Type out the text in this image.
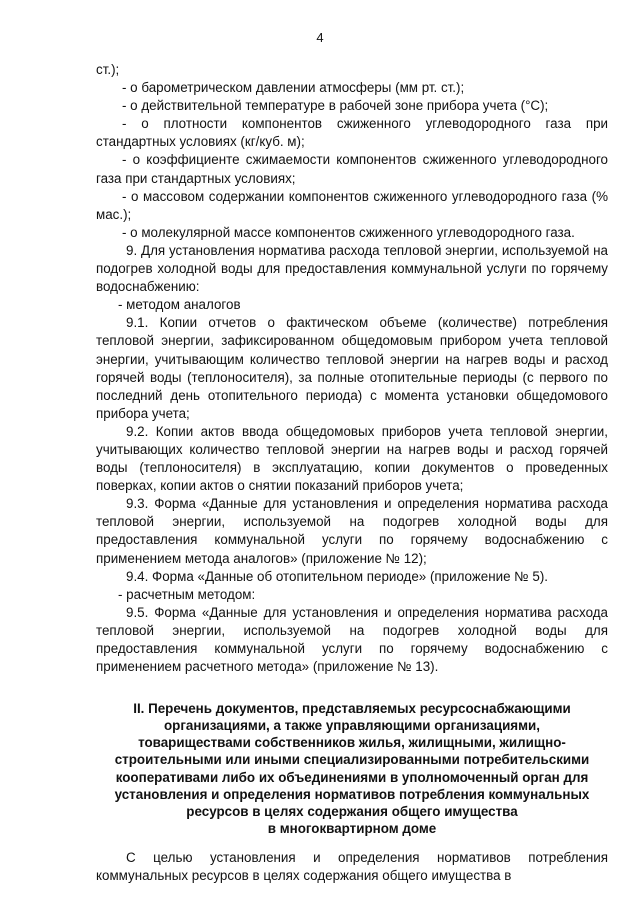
4

ст.);

- о барометрическом давлении атмосферы (мм рт. ст.);

- о действительной температуре в рабочей зоне прибора учета (°С);

- о плотности компонентов сжиженного углеводородного газа при стандартных условиях (кг/куб. м);

- о коэффициенте сжимаемости компонентов сжиженного углеводородного газа при стандартных условиях;

- о массовом содержании компонентов сжиженного углеводородного газа (% мас.);

- о молекулярной массе компонентов сжиженного углеводородного газа.

9. Для установления норматива расхода тепловой энергии, используемой на подогрев холодной воды для предоставления коммунальной услуги по горячему водоснабжению:

- методом аналогов

9.1. Копии отчетов о фактическом объеме (количестве) потребления тепловой энергии, зафиксированном общедомовым прибором учета тепловой энергии, учитывающим количество тепловой энергии на нагрев воды и расход горячей воды (теплоносителя), за полные отопительные периоды (с первого по последний день отопительного периода) с момента установки общедомового прибора учета;

9.2. Копии актов ввода общедомовых приборов учета тепловой энергии, учитывающих количество тепловой энергии на нагрев воды и расход горячей воды (теплоносителя) в эксплуатацию, копии документов о проведенных поверках, копии актов о снятии показаний приборов учета;

9.3. Форма «Данные для установления и определения норматива расхода тепловой энергии, используемой на подогрев холодной воды для предоставления коммунальной услуги по горячему водоснабжению с применением метода аналогов» (приложение № 12);

9.4. Форма «Данные об отопительном периоде» (приложение № 5).

- расчетным методом:

9.5. Форма «Данные для установления и определения норматива расхода тепловой энергии, используемой на подогрев холодной воды для предоставления коммунальной услуги по горячему водоснабжению с применением расчетного метода» (приложение № 13).

II. Перечень документов, представляемых ресурсоснабжающими
организациями, а также управляющими организациями,
товариществами собственников жилья, жилищными, жилищно-
строительными или иными специализированными потребительскими
кооперативами либо их объединениями в уполномоченный орган для
установления и определения нормативов потребления коммунальных
ресурсов в целях содержания общего имущества
в многоквартирном доме

С целью установления и определения нормативов потребления коммунальных ресурсов в целях содержания общего имущества в
